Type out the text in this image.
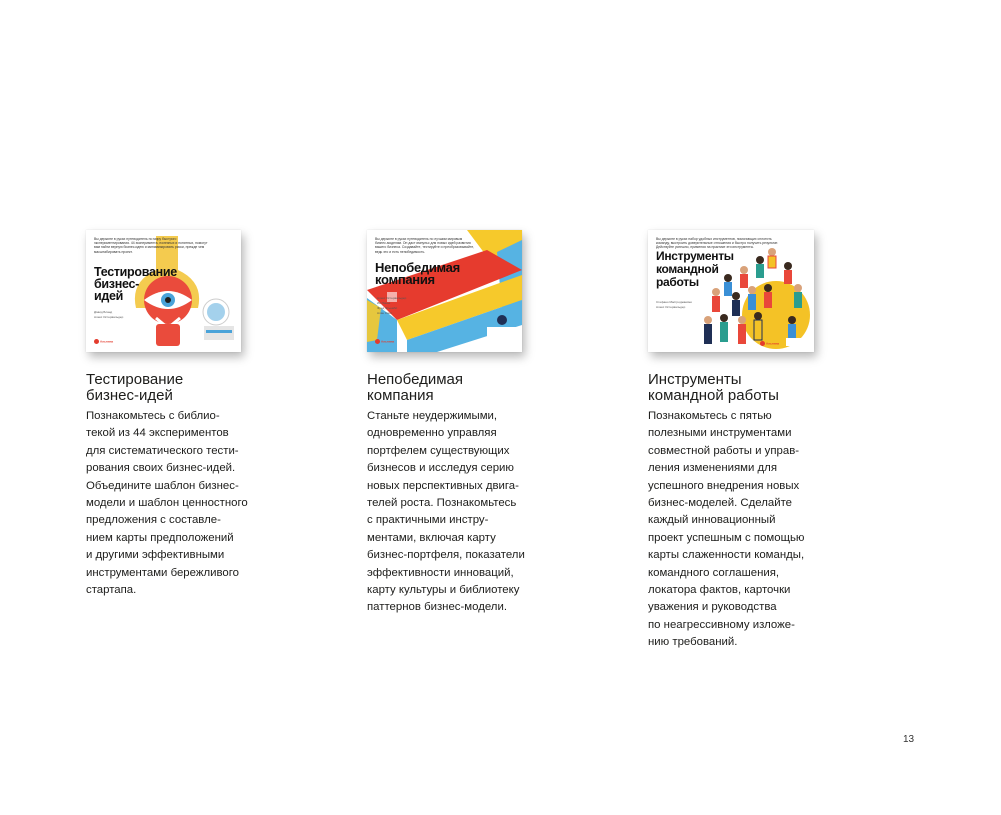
Вы держите в руках путеводитель по миру быстрого экспериментирования. 44 эксперимента, полезных и понятных, помогут вам найти верную бизнес-идею и минимизировать риски, прежде чем масштабировать проект.
Тестирование
бизнес-
идей
Дэвид Бланд
Алекс Остервальдер
Альпина
Тестирование
бизнес-идей
Познакомьтесь с библио-
текой из 44 экспериментов
для систематического тести-
рования своих бизнес-идей.
Объедините шаблон бизнес-
модели и шаблон ценностного
предложения с составле-
нием карты предположений
и другими эффективными
инструментами бережливого
стартапа.
Вы держите в руках путеводитель по лучшим мировым бизнес-моделям. Он даст импульс для новых идей развития вашего бизнеса. Создавайте, тестируйте и преобразовывайте, ведь это и есть непобедимость.
Непобедимая
компания
Алекс Остервальдер
Ив Пинье
Фред Этьембл
Алан Смит
Альпина
Непобедимая
компания
Станьте неудержимыми,
одновременно управляя
портфелем существующих
бизнесов и исследуя серию
новых перспективных двига-
телей роста. Познакомьтесь
с практичными инстру-
ментами, включая карту
бизнес-портфеля, показатели
эффективности инноваций,
карту культуры и библиотеку
паттернов бизнес-модели.
Вы держите в руках набор удобных инструментов, помогающих сплотить команду, выстроить доверительные отношения и быстро получить результат. Действуйте успешно, применяя на практике эти инструменты.
Инструменты
командной
работы
Стефано Мастроджакомо
Алекс Остервальдер
Альпина
Инструменты
командной работы
Познакомьтесь с пятью
полезными инструментами
совместной работы и управ-
ления изменениями для
успешного внедрения новых
бизнес-моделей. Сделайте
каждый инновационный
проект успешным с помощью
карты слаженности команды,
командного соглашения,
локатора фактов, карточки
уважения и руководства
по неагрессивному изложе-
нию требований.
13
